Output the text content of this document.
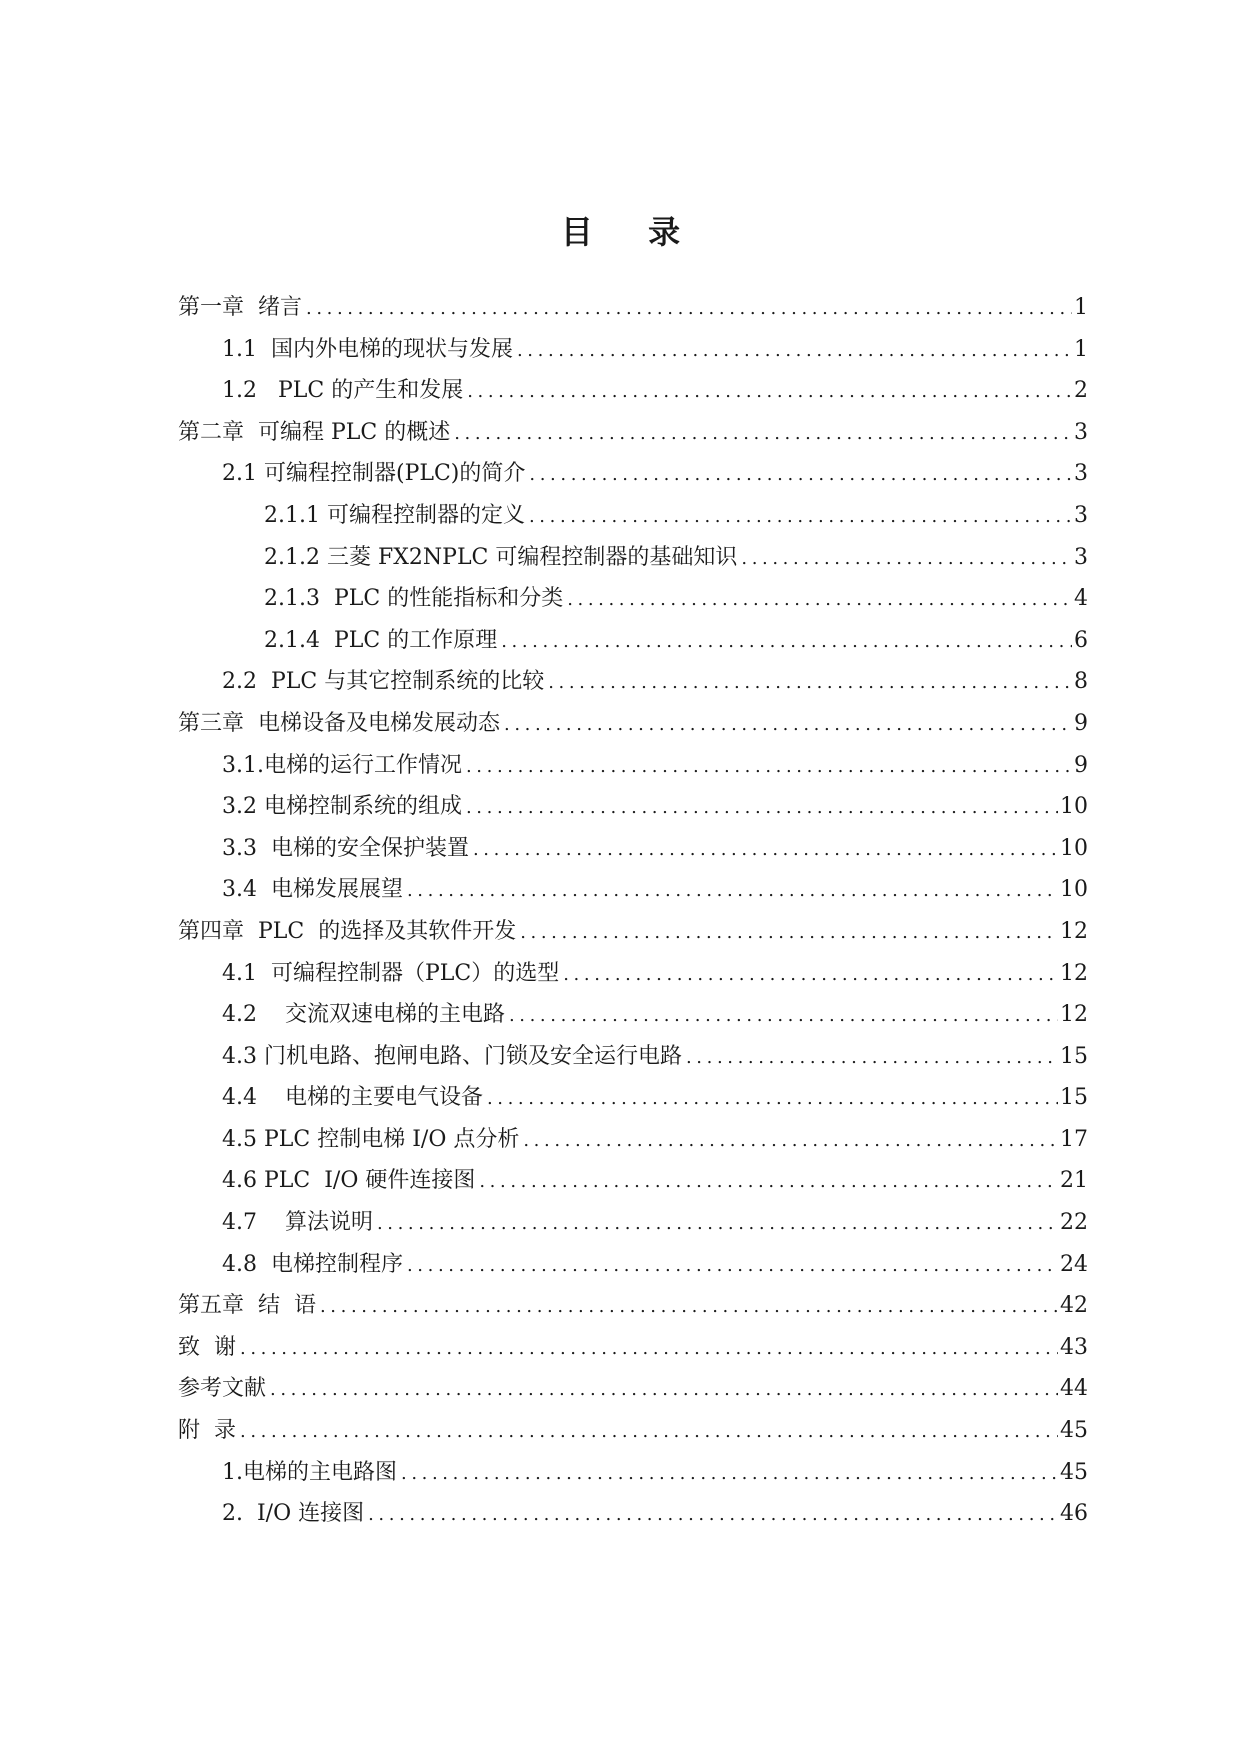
目 录
第一章  绪言 .....	1
1.1  国内外电梯的现状与发展 .....	1
1.2   PLC 的产生和发展 .....	2
第二章  可编程 PLC 的概述 .....	3
2.1 可编程控制器(PLC)的简介 .....	3
2.1.1 可编程控制器的定义 .....	3
2.1.2 三菱 FX2NPLC 可编程控制器的基础知识 .....	3
2.1.3  PLC 的性能指标和分类 .....	4
2.1.4  PLC 的工作原理 .....	6
2.2  PLC 与其它控制系统的比较 .....	8
第三章  电梯设备及电梯发展动态 .....	9
3.1.电梯的运行工作情况 .....	9
3.2 电梯控制系统的组成 .....	10
3.3  电梯的安全保护装置 .....	10
3.4  电梯发展展望 .....	10
第四章  PLC  的选择及其软件开发 .....	12
4.1  可编程控制器（PLC）的选型 .....	12
4.2    交流双速电梯的主电路 .....	12
4.3 门机电路、抱闸电路、门锁及安全运行电路 .....	15
4.4    电梯的主要电气设备 .....	15
4.5 PLC 控制电梯 I/O 点分析 .....	17
4.6 PLC  I/O 硬件连接图 .....	21
4.7    算法说明 .....	22
4.8  电梯控制程序 .....	24
第五章  结  语 .....	42
致  谢 .....	43
参考文献 .....	44
附  录 .....	45
1.电梯的主电路图 .....	45
2.  I/O 连接图 .....	46
